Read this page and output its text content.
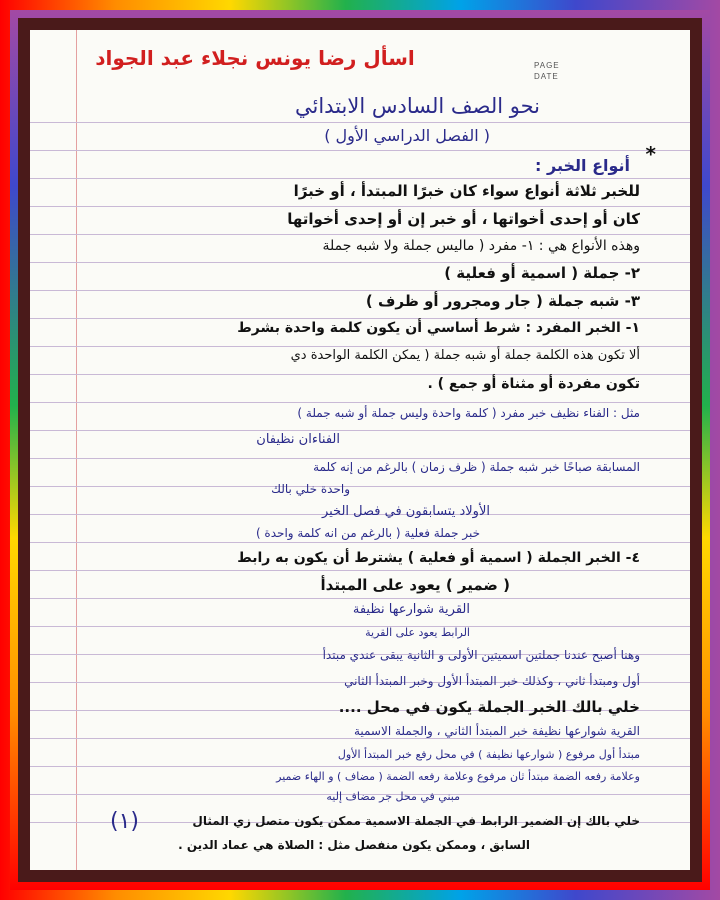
اسأل رضا يونس نجلاء عبد الجواد	PAGE
DATE
*
نحو الصف السادس الابتدائي
( الفصل الدراسي الأول )
أنواع الخبر :
للخبر ثلاثة أنواع سواء كان خبرًا المبتدأ ، أو خبرًا
كان أو إحدى أخواتها ، أو خبر إن أو إحدى أخواتها
وهذه الأنواع هي : ١- مفرد ( ماليس جملة ولا شبه جملة
٢- جملة ( اسمية أو فعلية )
٣- شبه جملة ( جار ومجرور أو ظرف )
١- الخبر المفرد : شرط أساسي أن يكون كلمة واحدة بشرط
ألا تكون هذه الكلمة جملة أو شبه جملة ( يمكن الكلمة الواحدة دي
تكون مفردة أو مثناة أو جمع ) .
مثل : الفناء نظيف خبر مفرد ( كلمة واحدة وليس جملة أو شبه جملة )
الفناءان نظيفان
المسابقة صباحًا خبر شبه جملة ( ظرف زمان ) بالرغم من إنه كلمة
واحدة خلي بالك
الأولاد يتسابقون في فصل الخير
خبر جملة فعلية ( بالرغم من انه كلمة واحدة )
٤- الخبر الجملة ( اسمية أو فعلية ) يشترط أن يكون به رابط
( ضمير ) يعود على المبتدأ
القرية شوارعها نظيفة
الرابط يعود على القرية
وهنا أصبح عندنا جملتين اسميتين الأولى و الثانية يبقى عندي مبتدأ
أول ومبتدأ ثاني ، وكذلك خبر المبتدأ الأول وخبر المبتدأ الثاني
خلي بالك الخبر الجملة يكون في محل ....
القرية شوارعها نظيفة خبر المبتدأ الثاني ، والجملة الاسمية
مبتدأ أول مرفوع ( شوارعها نظيفة ) في محل رفع خبر المبتدأ الأول
وعلامة رفعه الضمة مبتدأ ثان مرفوع وعلامة رفعه الضمة ( مضاف ) و الهاء ضمير
مبني في محل جر مضاف إليه
خلي بالك إن الضمير الرابط في الجملة الاسمية ممكن يكون متصل زي المثال
السابق ، وممكن يكون منفصل مثل : الصلاة هي عماد الدين .
(١)
